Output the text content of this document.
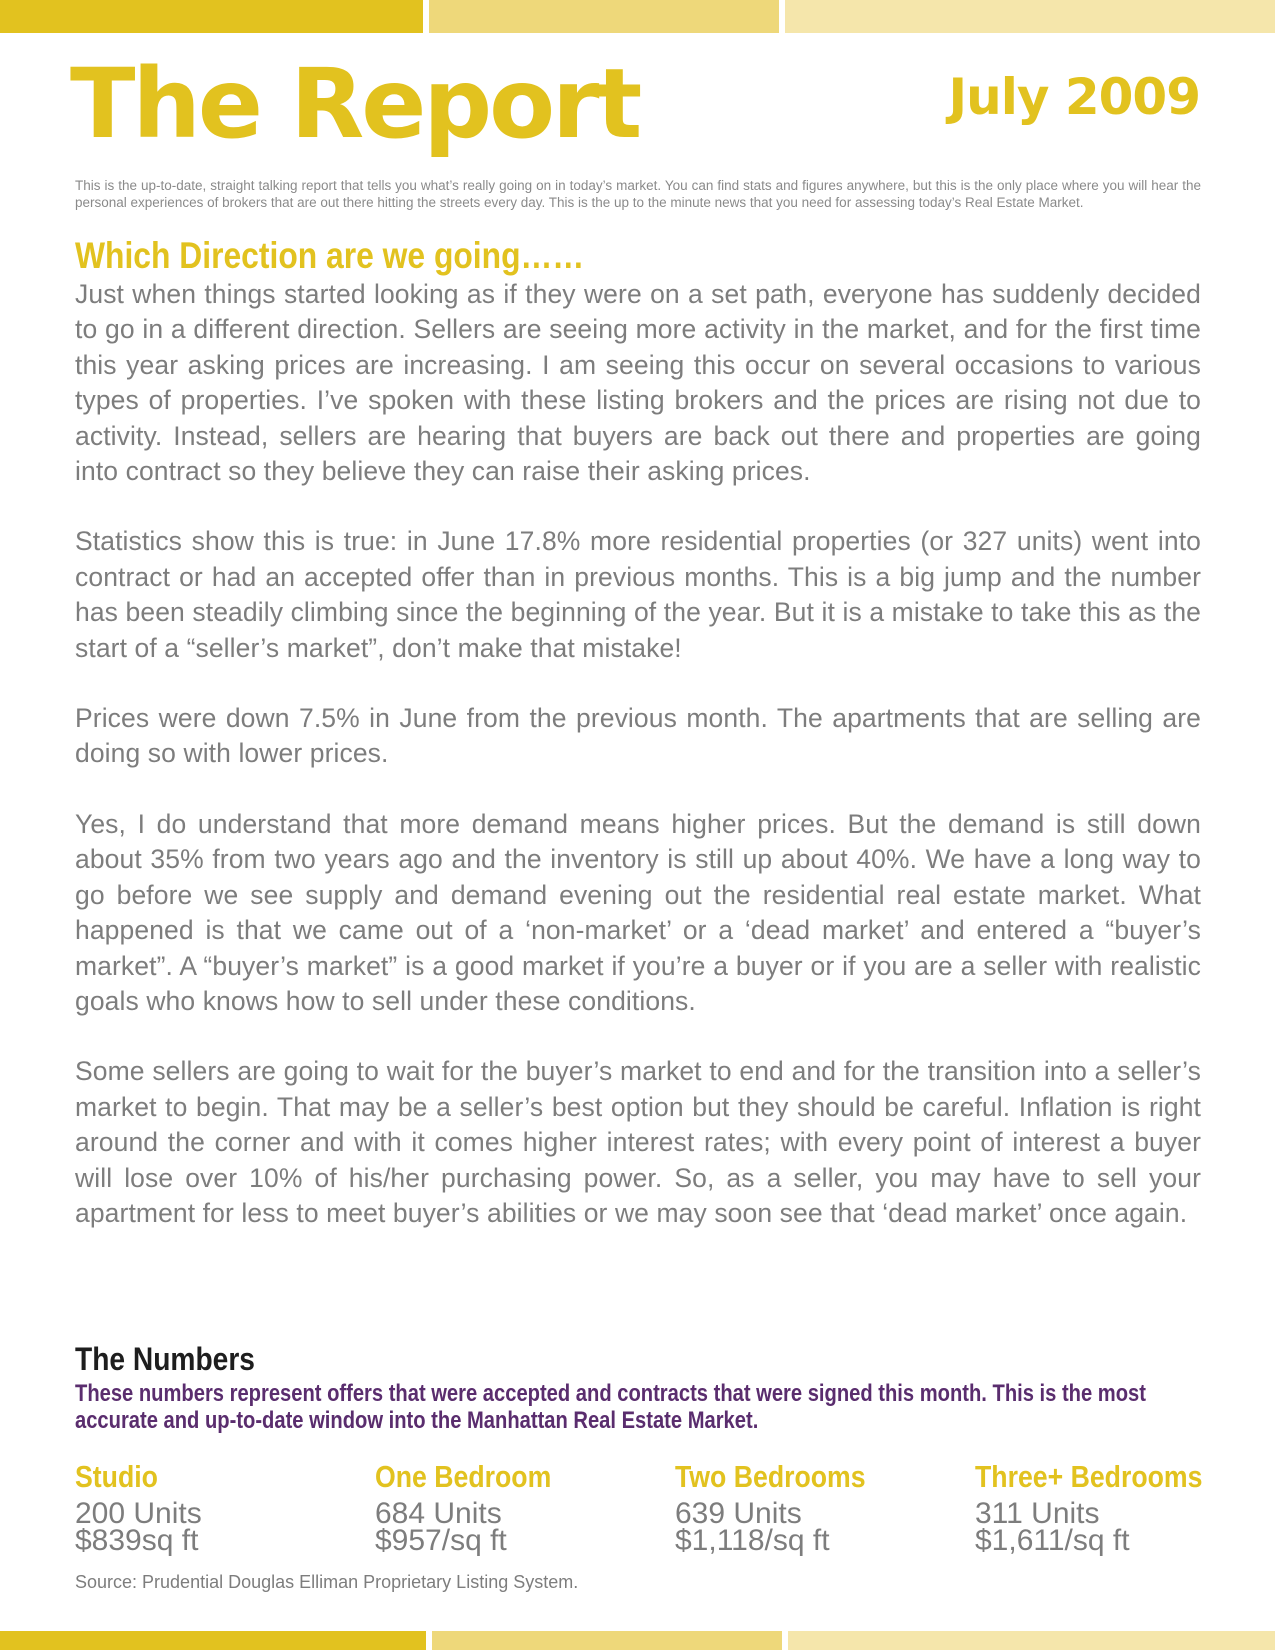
The Report	July 2009

This is the up-to-date, straight talking report that tells you what’s really going on in today’s market. You can find stats and figures anywhere, but this is the only place where you will hear the personal experiences of brokers that are out there hitting the streets every day. This is the up to the minute news that you need for assessing today’s Real Estate Market.

Which Direction are we going……

Just when things started looking as if they were on a set path, everyone has suddenly decided to go in a different direction. Sellers are seeing more activity in the market, and for the first time this year asking prices are increasing. I am seeing this occur on several occasions to various types of properties. I’ve spoken with these listing brokers and the prices are rising not due to activity. Instead, sellers are hearing that buyers are back out there and properties are going into contract so they believe they can raise their asking prices.

Statistics show this is true: in June 17.8% more residential properties (or 327 units) went into contract or had an accepted offer than in previous months. This is a big jump and the number has been steadily climbing since the beginning of the year. But it is a mistake to take this as the start of a “seller’s market”, don’t make that mistake!

Prices were down 7.5% in June from the previous month. The apartments that are selling are doing so with lower prices.

Yes, I do understand that more demand means higher prices. But the demand is still down about 35% from two years ago and the inventory is still up about 40%. We have a long way to go before we see supply and demand evening out the residential real estate market. What happened is that we came out of a ‘non-market’ or a ‘dead market’ and entered a “buyer’s market”. A “buyer’s market” is a good market if you’re a buyer or if you are a seller with realistic goals who knows how to sell under these conditions.

Some sellers are going to wait for the buyer’s market to end and for the transition into a seller’s market to begin. That may be a seller’s best option but they should be careful. Inflation is right around the corner and with it comes higher interest rates; with every point of interest a buyer will lose over 10% of his/her purchasing power. So, as a seller, you may have to sell your apartment for less to meet buyer’s abilities or we may soon see that ‘dead market’ once again.

The Numbers

These numbers represent offers that were accepted and contracts that were signed this month. This is the most accurate and up-to-date window into the Manhattan Real Estate Market.

Studio
200 Units
$839sq ft
One Bedroom
684 Units
$957/sq ft
Two Bedrooms
639 Units
$1,118/sq ft
Three+ Bedrooms
311 Units
$1,611/sq ft

Source: Prudential Douglas Elliman Proprietary Listing System.
